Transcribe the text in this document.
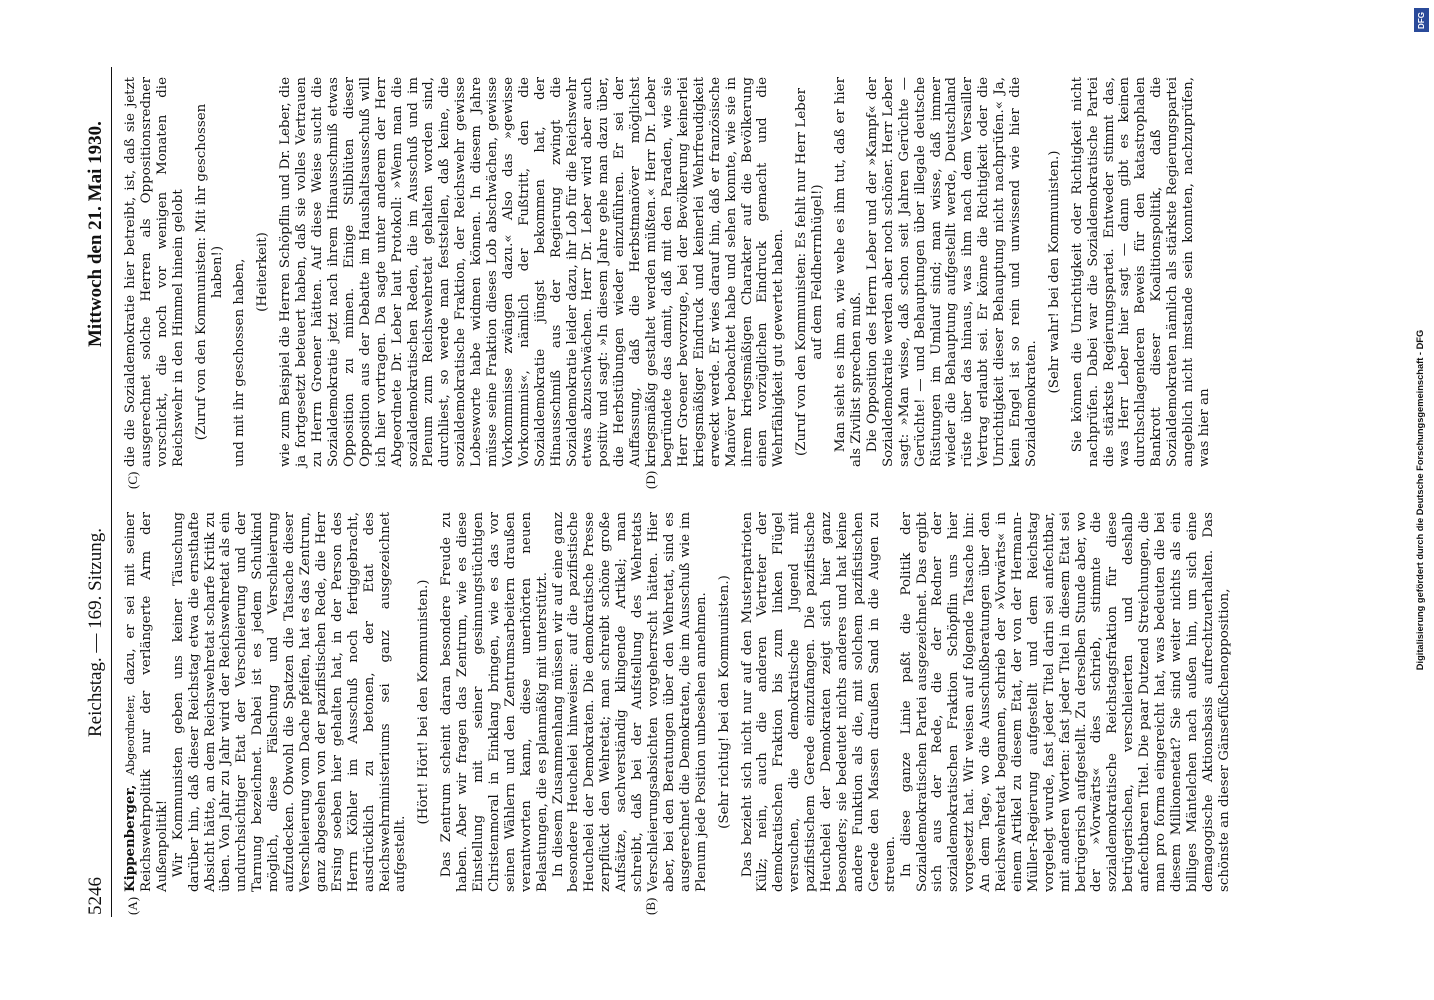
5246
Reichstag. — 169. Sitzung.
Mittwoch den 21. Mai 1930.
(A)	(B)
(C)	(D)

Kippenberger, Abgeordneter, dazu, er sei mit seiner Reichswehrpolitik nur der verlängerte Arm der Außenpolitik! Wir Kommunisten geben uns keiner Täuschung darüber hin, daß dieser Reichstag etwa die ernsthafte Absicht hätte, an dem Reichswehretat scharfe Kritik zu üben. Von Jahr zu Jahr wird der Reichswehretat als ein undurchsichtiger Etat der Verschleierung und der Tarnung bezeichnet. Dabei ist es jedem Schulkind möglich, diese Fälschung und Verschleierung aufzudecken. Obwohl die Spatzen die Tatsache dieser Verschleierung vom Dache pfeifen, hat es das Zentrum, ganz abgesehen von der pazifistischen Rede, die Herr Ersing soeben hier gehalten hat, in der Person des Herrn Köhler im Ausschuß noch fertiggebracht, ausdrücklich zu betonen, der Etat des Reichswehrministeriums sei ganz ausgezeichnet aufgestellt.

(Hört! Hört! bei den Kommunisten.) Das Zentrum scheint daran besondere Freude zu haben. Aber wir fragen das Zentrum, wie es diese Einstellung mit seiner gesinnungstüchtigen Christenmoral in Einklang bringen, wie es das vor seinen Wählern und den Zentrumsarbeitern draußen verantworten kann, diese unerhörten neuen Belastungen, die es planmäßig mit unterstützt. In diesem Zusammenhang müssen wir auf eine ganz besondere Heuchelei hinweisen: auf die pazifistische Heuchelei der Demokraten. Die demokratische Presse zerpflückt den Wehretat; man schreibt schöne große Aufsätze, sachverständig klingende Artikel; man schreibt, daß bei der Aufstellung des Wehretats Verschleierungsabsichten vorgeherrscht hätten. Hier aber, bei den Beratungen über den Wehretat, sind es ausgerechnet die Demokraten, die im Ausschuß wie im Plenum jede Position unbesehen annehmen. (Sehr richtig! bei den Kommunisten.) Das bezieht sich nicht nur auf den Musterpatrioten Külz; nein, auch die anderen Vertreter der demokratischen Fraktion bis zum linken Flügel versuchen, die demokratische Jugend mit pazifistischem Gerede einzufangen. Die pazifistische Heuchelei der Demokraten zeigt sich hier ganz besonders; sie bedeutet nichts anderes und hat keine andere Funktion als die, mit solchem pazifistischen Gerede den Massen draußen Sand in die Augen zu streuen. In diese ganze Linie paßt die Politik der Sozialdemokratischen Partei ausgezeichnet. Das ergibt sich aus der Rede, die der Redner der sozialdemokratischen Fraktion Schöpflin uns hier vorgesetzt hat. Wir weisen auf folgende Tatsache hin: An dem Tage, wo die Ausschußberatungen über den Reichswehretat begannen, schrieb der »Vorwärts« in einem Artikel zu diesem Etat, der von der Hermann-Müller-Regierung aufgestellt und dem Reichstag vorgelegt wurde, fast jeder Titel darin sei anfechtbar, mit anderen Worten: fast jeder Titel in diesem Etat sei betrügerisch aufgestellt. Zu derselben Stunde aber, wo der »Vorwärts« dies schrieb, stimmte die sozialdemokratische Reichstagsfraktion für diese betrügerischen, verschleierten und deshalb anfechtbaren Titel. Die paar Dutzend Streichungen, die man pro forma eingereicht hat, was bedeuten die bei diesem Millionenetat? Sie sind weiter nichts als ein billiges Mäntelchen nach außen hin, um sich eine demagogische Aktionsbasis aufrechtzuerhalten. Das schönste an dieser Gänsefüßchenopposition,

die die Sozialdemokratie hier betreibt, ist, daß sie jetzt ausgerechnet solche Herren als Oppositionsredner vorschickt, die noch vor wenigen Monaten die Reichswehr in den Himmel hinein gelobt (Zuruf von den Kommunisten: Mit ihr geschossen haben!) und mit ihr geschossen haben, (Heiterkeit) wie zum Beispiel die Herren Schöpflin und Dr. Leber, die ja fortgesetzt beteuert haben, daß sie volles Vertrauen zu Herrn Groener hätten. Auf diese Weise sucht die Sozialdemokratie jetzt nach ihrem Hinausschmiß etwas Opposition zu mimen. Einige Stilblüten dieser Opposition aus der Debatte im Haushaltsausschuß will ich hier vortragen. Da sagte unter anderem der Herr Abgeordnete Dr. Leber laut Protokoll: »Wenn man die sozialdemokratischen Reden, die im Ausschuß und im Plenum zum Reichswehretat gehalten worden sind, durchliest, so werde man feststellen, daß keine, die sozialdemokratische Fraktion, der Reichswehr gewisse Lobesworte habe widmen können. In diesem Jahre müsse seine Fraktion dieses Lob abschwächen, gewisse Vorkommnisse zwängen dazu.« Also das »gewisse Vorkommnis«, nämlich der Fußtritt, den die Sozialdemokratie jüngst bekommen hat, der Hinausschmiß aus der Regierung zwingt die Sozialdemokratie leider dazu, ihr Lob für die Reichswehr etwas abzuschwächen. Herr Dr. Leber wird aber auch positiv und sagt: »In diesem Jahre gehe man dazu über, die Herbstübungen wieder einzuführen. Er sei der Auffassung, daß die Herbstmanöver möglichst kriegsmäßig gestaltet werden müßten.« Herr Dr. Leber begründete das damit, daß mit den Paraden, wie sie Herr Groener bevorzuge, bei der Bevölkerung keinerlei kriegsmäßiger Eindruck und keinerlei Wehrfreudigkeit erweckt werde. Er wies darauf hin, daß er französische Manöver beobachtet habe und sehen konnte, wie sie in ihrem kriegsmäßigen Charakter auf die Bevölkerung einen vorzüglichen Eindruck gemacht und die Wehrfähigkeit gut gewertet haben. (Zuruf von den Kommunisten: Es fehlt nur Herr Leber auf dem Feldherrnhügel!) Man sieht es ihm an, wie wehe es ihm tut, daß er hier als Zivilist sprechen muß. Die Opposition des Herrn Leber und der »Kampf« der Sozialdemokratie werden aber noch schöner. Herr Leber sagt: »Man wisse, daß schon seit Jahren Gerüchte — Gerüchte! — und Behauptungen über illegale deutsche Rüstungen im Umlauf sind; man wisse, daß immer wieder die Behauptung aufgestellt werde, Deutschland rüste über das hinaus, was ihm nach dem Versailler Vertrag erlaubt sei. Er könne die Richtigkeit oder die Unrichtigkeit dieser Behauptung nicht nachprüfen.« Ja, kein Engel ist so rein und unwissend wie hier die Sozialdemokraten.

(Sehr wahr! bei den Kommunisten.) Sie können die Unrichtigkeit oder Richtigkeit nicht nachprüfen. Dabei war die Sozialdemokratische Partei die stärkste Regierungspartei. Entweder stimmt das, was Herr Leber hier sagt — dann gibt es keinen durchschlagenderen Beweis für den katastrophalen Bankrott dieser Koalitionspolitik, daß die Sozialdemokraten nämlich als stärkste Regierungspartei angeblich nicht imstande sein konnten, nachzuprüfen, was hier an

DFG
Digitalisierung gefördert durch die Deutsche Forschungsgemeinschaft - DFG
